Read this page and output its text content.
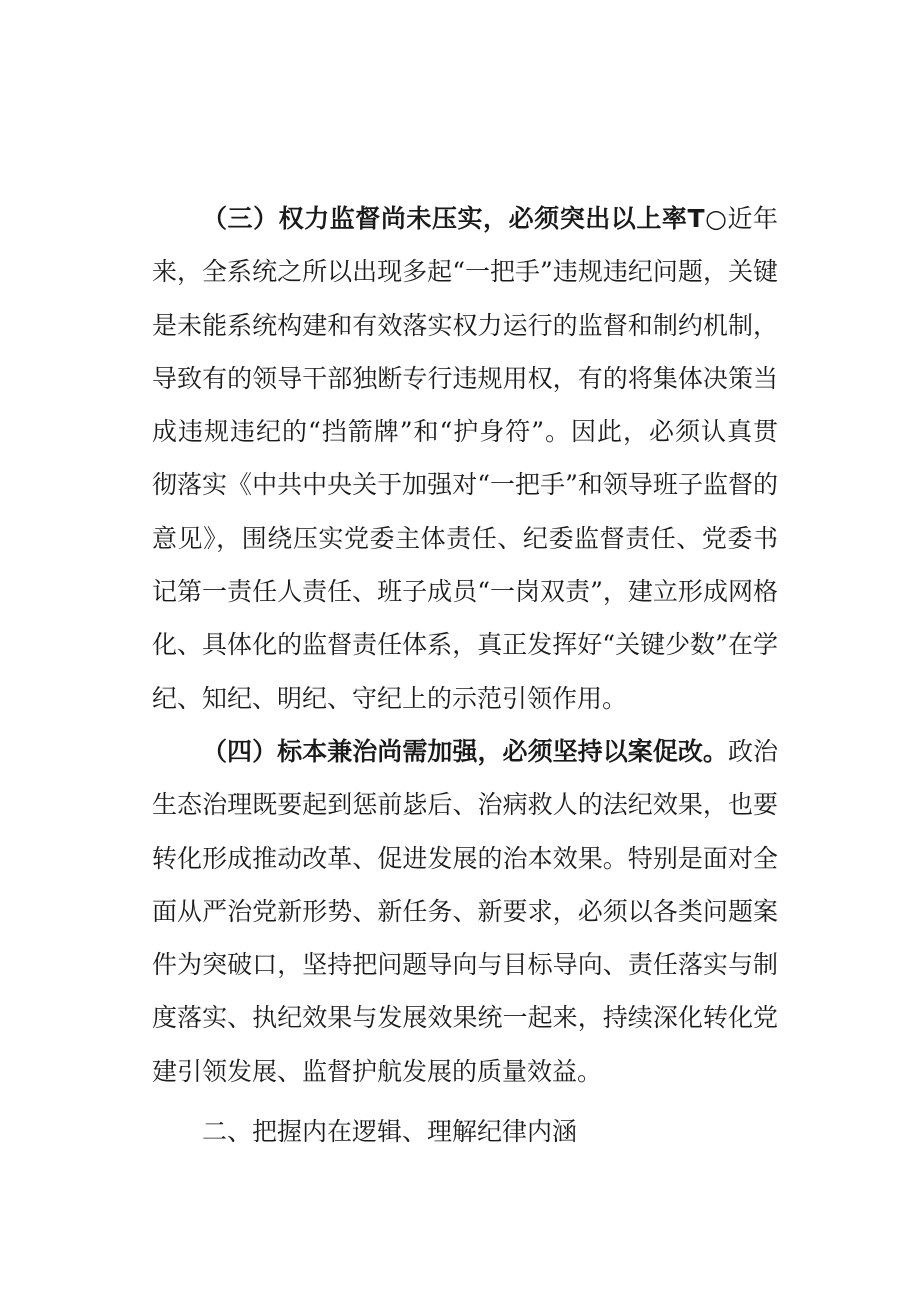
（三）权力监督尚未压实，必须突出以上率T○近年来，全系统之所以出现多起“一把手”违规违纪问题，关键是未能系统构建和有效落实权力运行的监督和制约机制，导致有的领导干部独断专行违规用权，有的将集体决策当成违规违纪的“挡箭牌”和“护身符”。因此，必须认真贯彻落实《中共中央关于加强对“一把手”和领导班子监督的意见》，围绕压实党委主体责任、纪委监督责任、党委书记第一责任人责任、班子成员“一岗双责”，建立形成网格化、具体化的监督责任体系，真正发挥好“关键少数”在学纪、知纪、明纪、守纪上的示范引领作用。

（四）标本兼治尚需加强，必须坚持以案促改。政治生态治理既要起到惩前毖后、治病救人的法纪效果，也要转化形成推动改革、促进发展的治本效果。特别是面对全面从严治党新形势、新任务、新要求，必须以各类问题案件为突破口，坚持把问题导向与目标导向、责任落实与制度落实、执纪效果与发展效果统一起来，持续深化转化党建引领发展、监督护航发展的质量效益。

二、把握内在逻辑、理解纪律内涵
